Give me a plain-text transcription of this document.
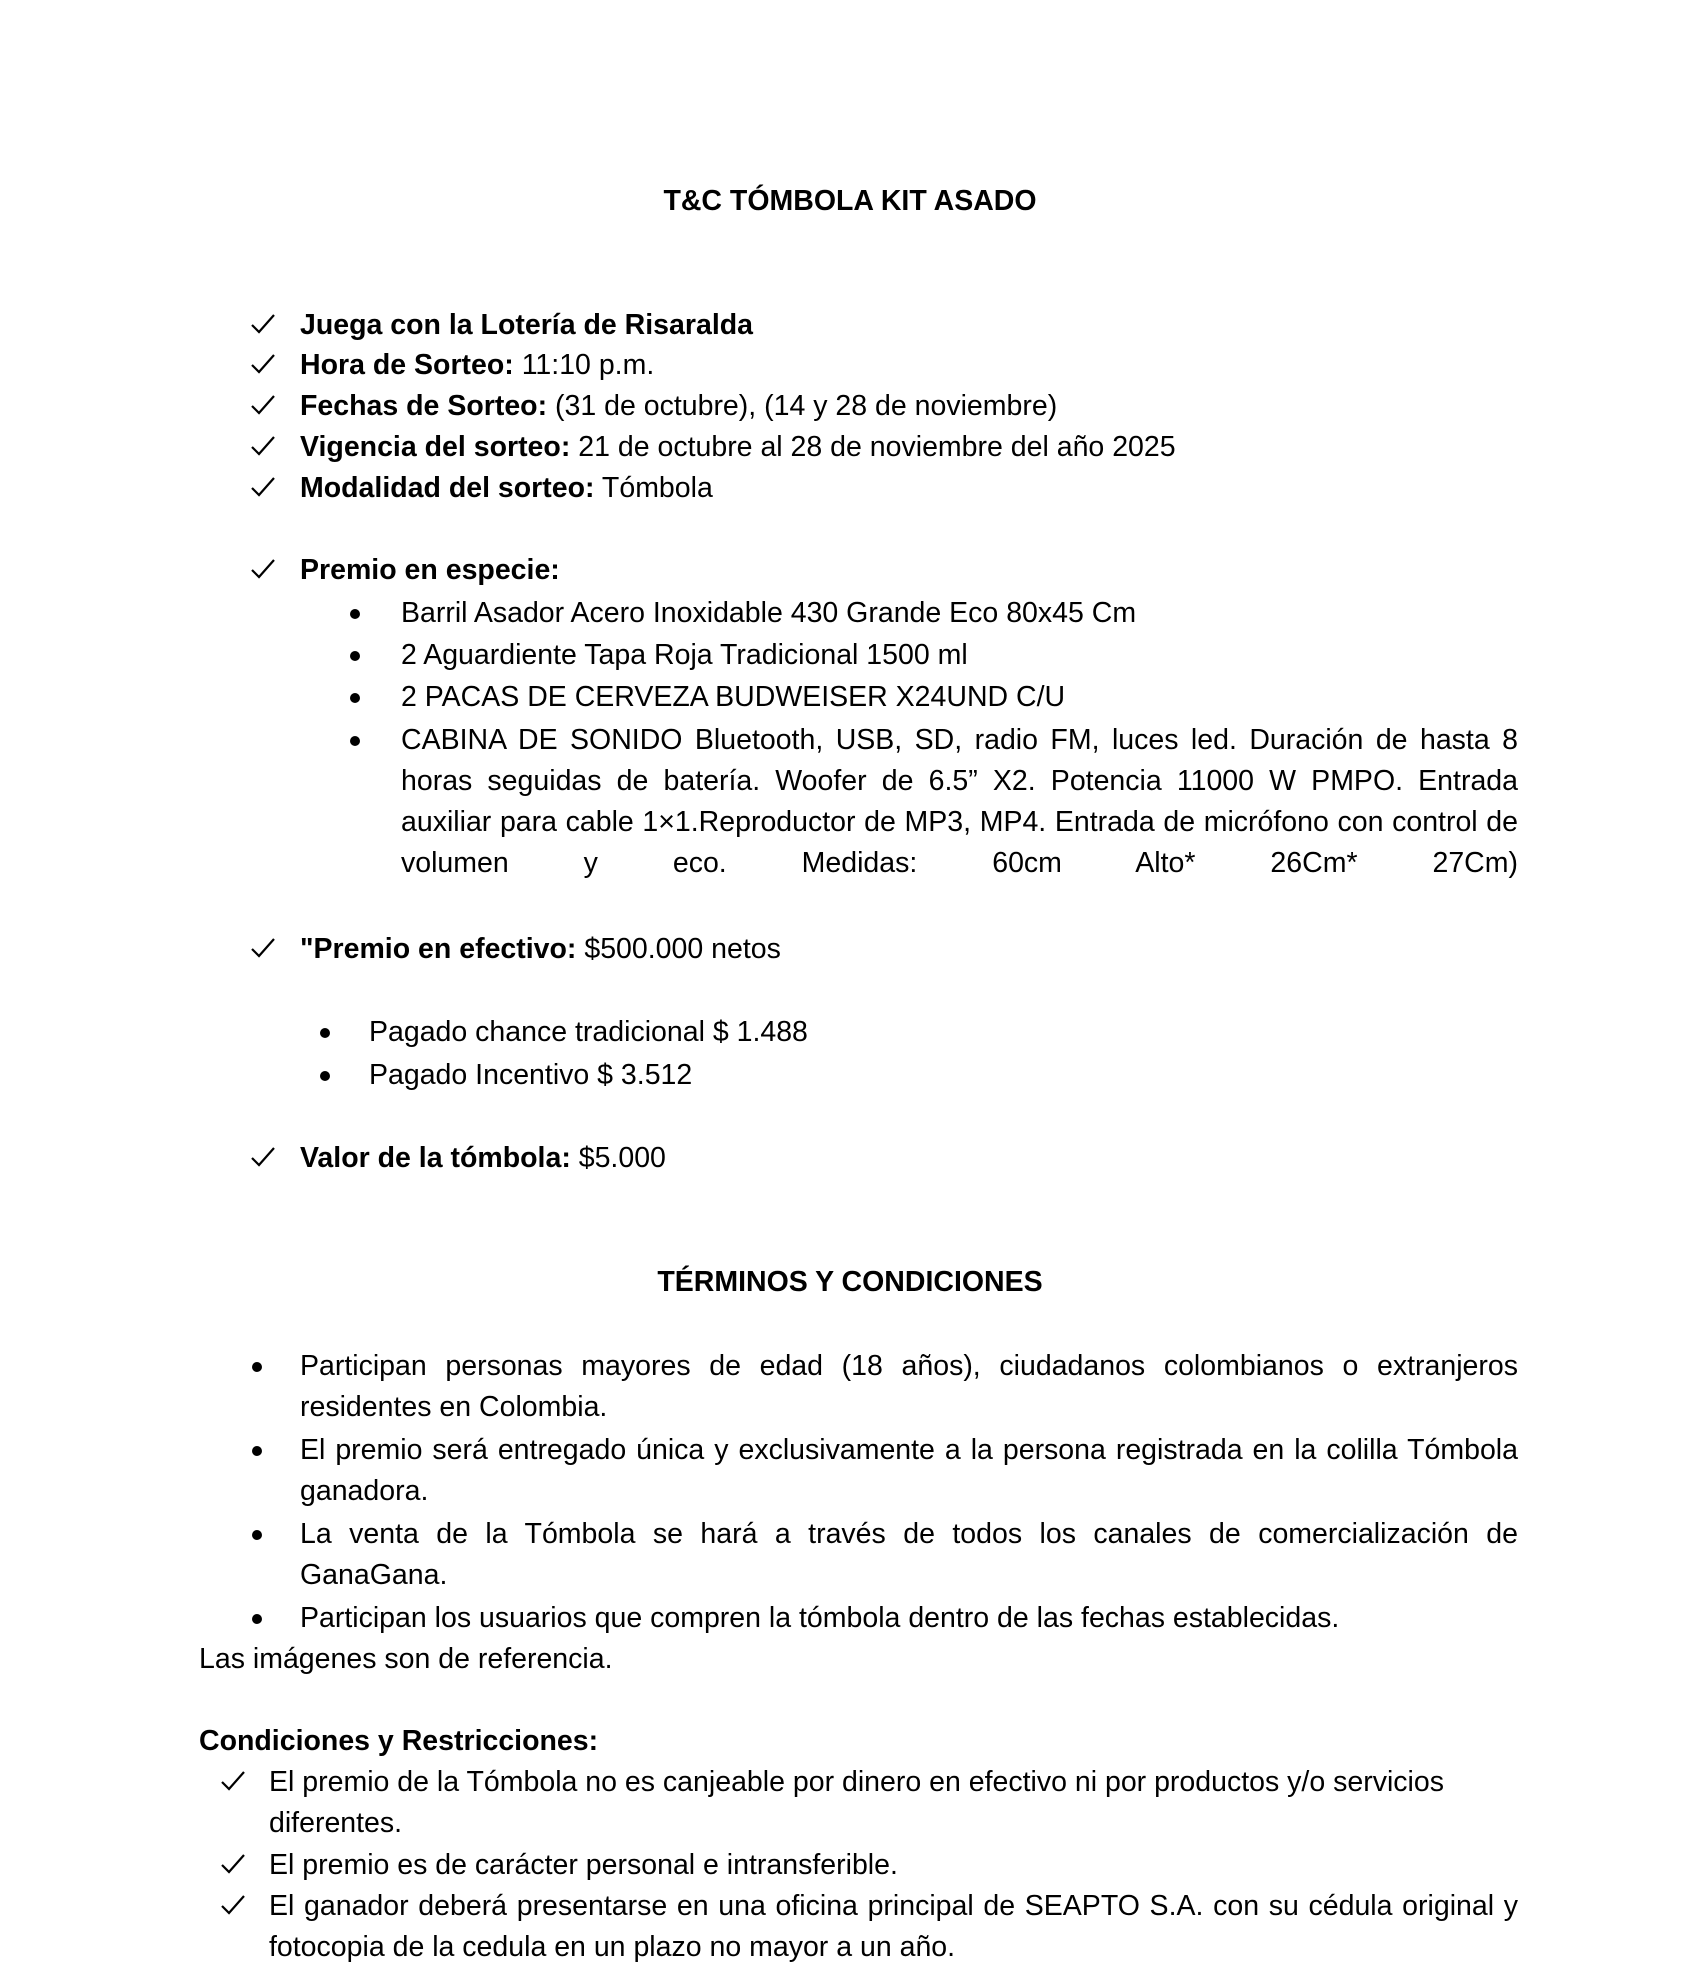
T&C TÓMBOLA KIT ASADO
Juega con la Lotería de Risaralda
Hora de Sorteo: 11:10 p.m.
Fechas de Sorteo: (31 de octubre), (14 y 28 de noviembre)
Vigencia del sorteo: 21 de octubre al 28 de noviembre del año 2025
Modalidad del sorteo: Tómbola
Premio en especie:
Barril Asador Acero Inoxidable 430 Grande Eco 80x45 Cm
2 Aguardiente Tapa Roja Tradicional 1500 ml
2 PACAS DE CERVEZA BUDWEISER X24UND C/U
CABINA DE SONIDO Bluetooth, USB, SD, radio FM, luces led. Duración de hasta 8 horas seguidas de batería. Woofer de 6.5” X2. Potencia 11000 W PMPO. Entrada auxiliar para cable 1×1.Reproductor de MP3, MP4. Entrada de micrófono con control de volumen y eco. Medidas: 60cm Alto* 26Cm* 27Cm)
"Premio en efectivo: $500.000 netos
Pagado chance tradicional $ 1.488
Pagado Incentivo $ 3.512
Valor de la tómbola: $5.000
TÉRMINOS Y CONDICIONES
Participan personas mayores de edad (18 años), ciudadanos colombianos o extranjeros residentes en Colombia.
El premio será entregado única y exclusivamente a la persona registrada en la colilla Tómbola ganadora.
La venta de la Tómbola se hará a través de todos los canales de comercialización de GanaGana.
Participan los usuarios que compren la tómbola dentro de las fechas establecidas.
Las imágenes son de referencia.
Condiciones y Restricciones:
El premio de la Tómbola no es canjeable por dinero en efectivo ni por productos y/o servicios diferentes.
El premio es de carácter personal e intransferible.
El ganador deberá presentarse en una oficina principal de SEAPTO S.A. con su cédula original y fotocopia de la cedula en un plazo no mayor a un año.
